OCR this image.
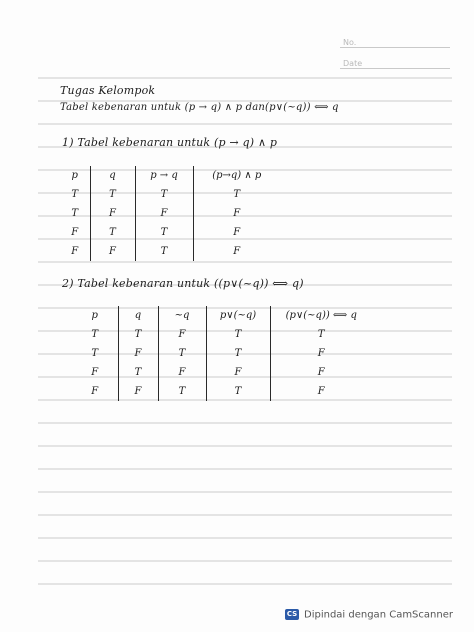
No.
Date
Tugas Kelompok
Tabel kebenaran untuk (p → q) ∧ p dan(p∨(~q)) ⟺ q
1) Tabel kebenaran untuk (p → q) ∧ p
p	q	p → q	(p→q) ∧ p
T	T	T	T
T	F	F	F
F	T	T	F
F	F	T	F
2) Tabel kebenaran untuk ((p∨(~q)) ⟺ q)
p	q	~q	p∨(~q)	(p∨(~q)) ⟺ q
T	T	F	T	T
T	F	T	T	F
F	T	F	F	F
F	F	T	T	F
CS Dipindai dengan CamScanner
